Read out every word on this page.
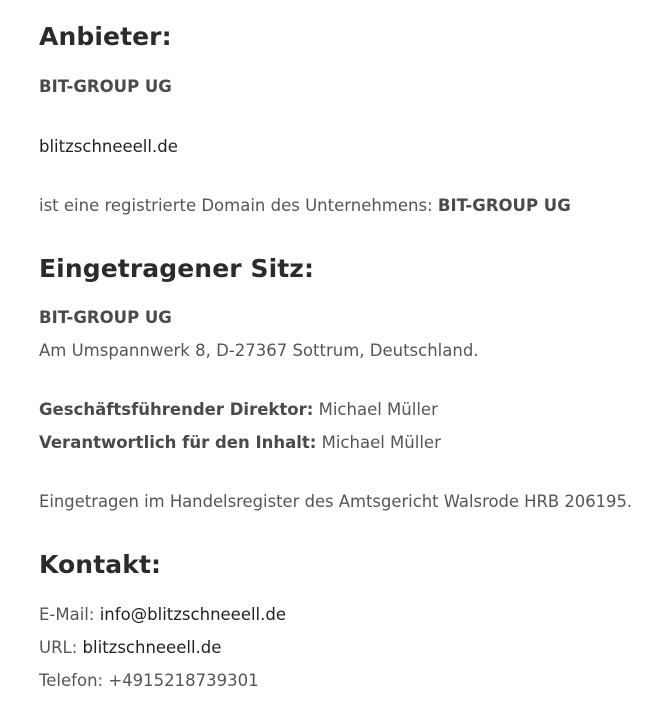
Anbieter:

BIT-GROUP UG

blitzschneeell.de

ist eine registrierte Domain des Unternehmens: BIT-GROUP UG

Eingetragener Sitz:

BIT-GROUP UG

Am Umspannwerk 8, D-27367 Sottrum, Deutschland.

Geschäftsführender Direktor: Michael Müller

Verantwortlich für den Inhalt: Michael Müller

Eingetragen im Handelsregister des Amtsgericht Walsrode HRB 206195.

Kontakt:

E-Mail: info@blitzschneeell.de

URL: blitzschneeell.de

Telefon: +4915218739301
